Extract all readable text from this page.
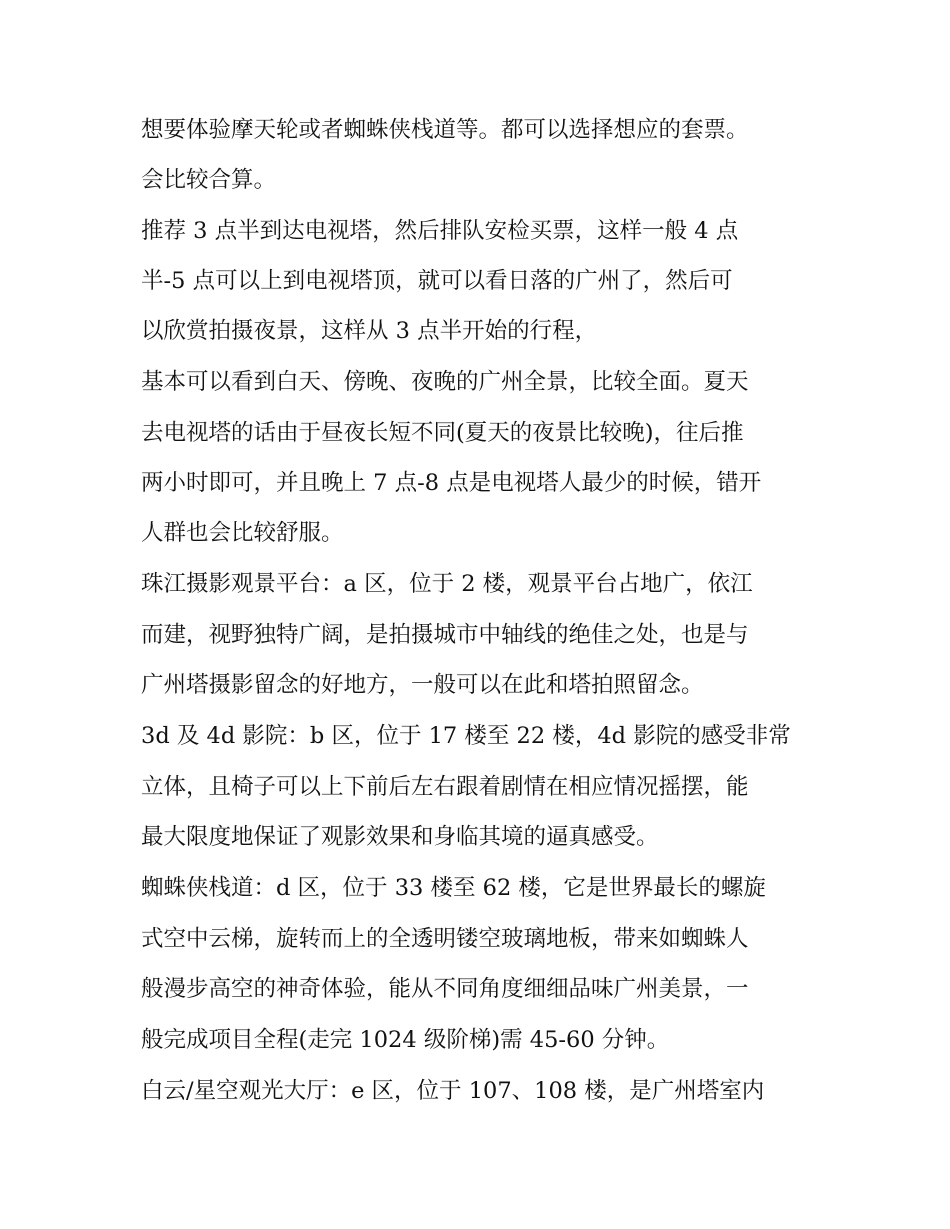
想要体验摩天轮或者蜘蛛侠栈道等。都可以选择想应的套票。
会比较合算。
推荐 3 点半到达电视塔，然后排队安检买票，这样一般 4 点
半-5 点可以上到电视塔顶，就可以看日落的广州了，然后可
以欣赏拍摄夜景，这样从 3 点半开始的行程，
基本可以看到白天、傍晚、夜晚的广州全景，比较全面。夏天
去电视塔的话由于昼夜长短不同(夏天的夜景比较晚)，往后推
两小时即可，并且晚上 7 点-8 点是电视塔人最少的时候，错开
人群也会比较舒服。
珠江摄影观景平台：a 区，位于 2 楼，观景平台占地广，依江
而建，视野独特广阔，是拍摄城市中轴线的绝佳之处，也是与
广州塔摄影留念的好地方，一般可以在此和塔拍照留念。
3d 及 4d 影院：b 区，位于 17 楼至 22 楼，4d 影院的感受非常
立体，且椅子可以上下前后左右跟着剧情在相应情况摇摆，能
最大限度地保证了观影效果和身临其境的逼真感受。
蜘蛛侠栈道：d 区，位于 33 楼至 62 楼，它是世界最长的螺旋
式空中云梯，旋转而上的全透明镂空玻璃地板，带来如蜘蛛人
般漫步高空的神奇体验，能从不同角度细细品味广州美景，一
般完成项目全程(走完 1024 级阶梯)需 45-60 分钟。
白云/星空观光大厅：e 区，位于 107、108 楼，是广州塔室内
